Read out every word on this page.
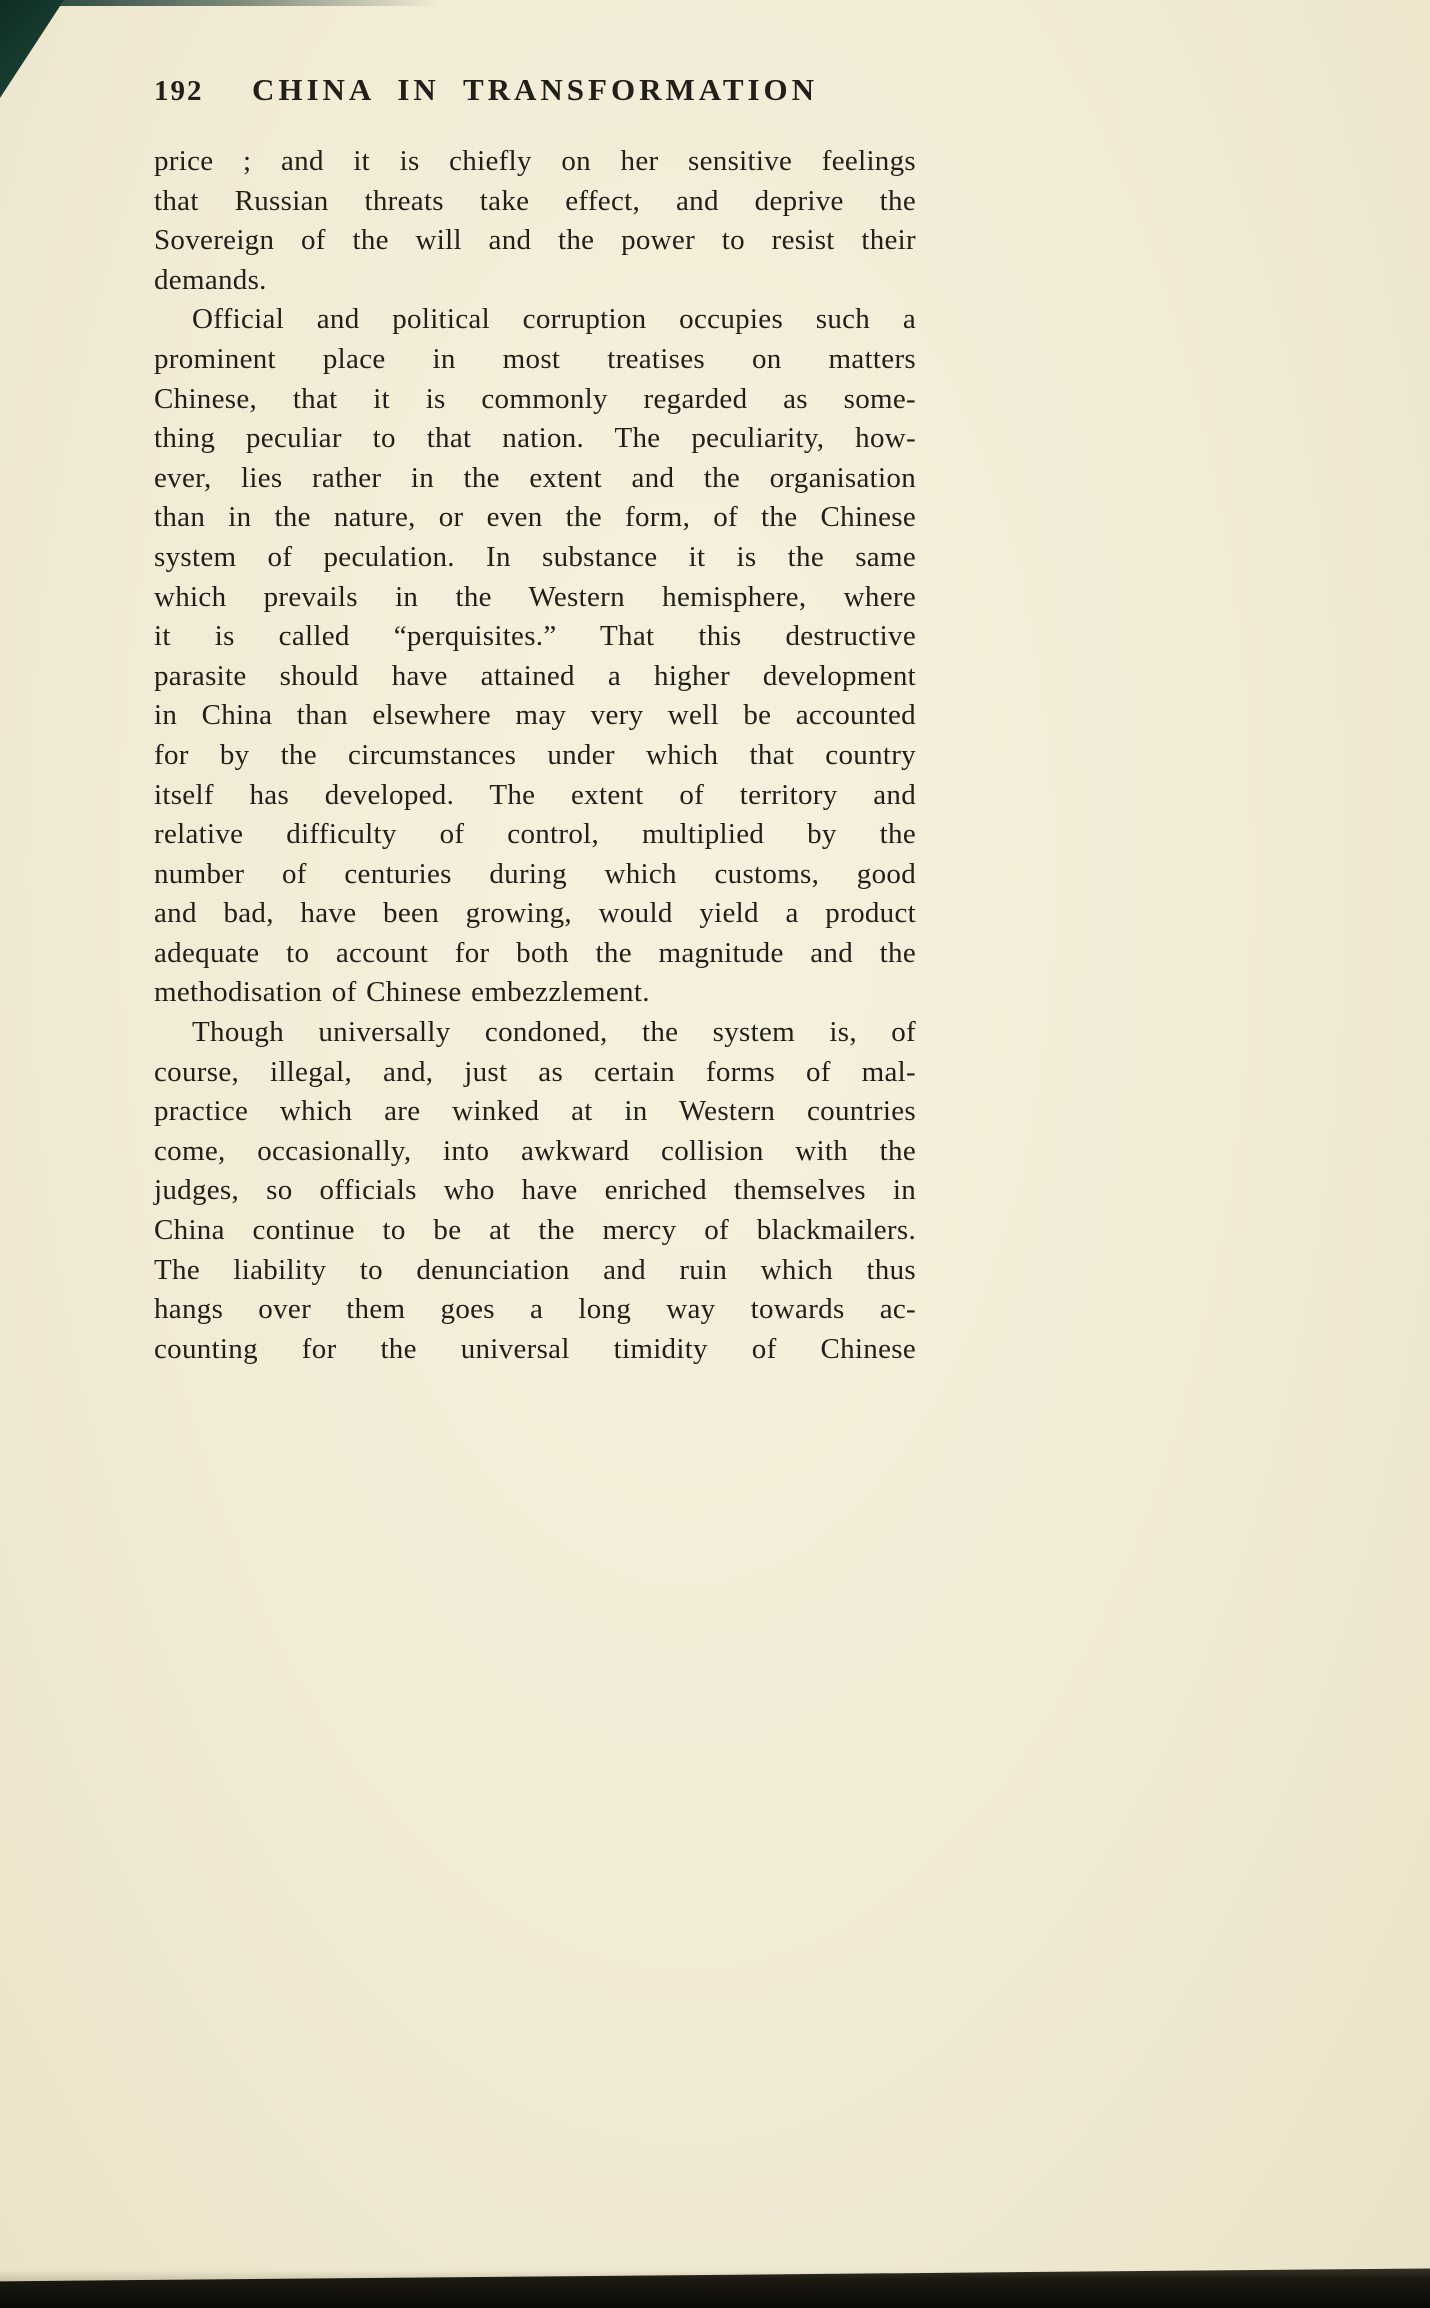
192	CHINA IN TRANSFORMATION
price ; and it is chiefly on her sensitive feelings
that Russian threats take effect, and deprive the
Sovereign of the will and the power to resist their
demands.
Official and political corruption occupies such a
prominent place in most treatises on matters
Chinese, that it is commonly regarded as some-
thing peculiar to that nation. The peculiarity, how-
ever, lies rather in the extent and the organisation
than in the nature, or even the form, of the Chinese
system of peculation. In substance it is the same
which prevails in the Western hemisphere, where
it is called “perquisites.” That this destructive
parasite should have attained a higher development
in China than elsewhere may very well be accounted
for by the circumstances under which that country
itself has developed. The extent of territory and
relative difficulty of control, multiplied by the
number of centuries during which customs, good
and bad, have been growing, would yield a product
adequate to account for both the magnitude and the
methodisation of Chinese embezzlement.
Though universally condoned, the system is, of
course, illegal, and, just as certain forms of mal-
practice which are winked at in Western countries
come, occasionally, into awkward collision with the
judges, so officials who have enriched themselves in
China continue to be at the mercy of blackmailers.
The liability to denunciation and ruin which thus
hangs over them goes a long way towards ac-
counting for the universal timidity of Chinese
